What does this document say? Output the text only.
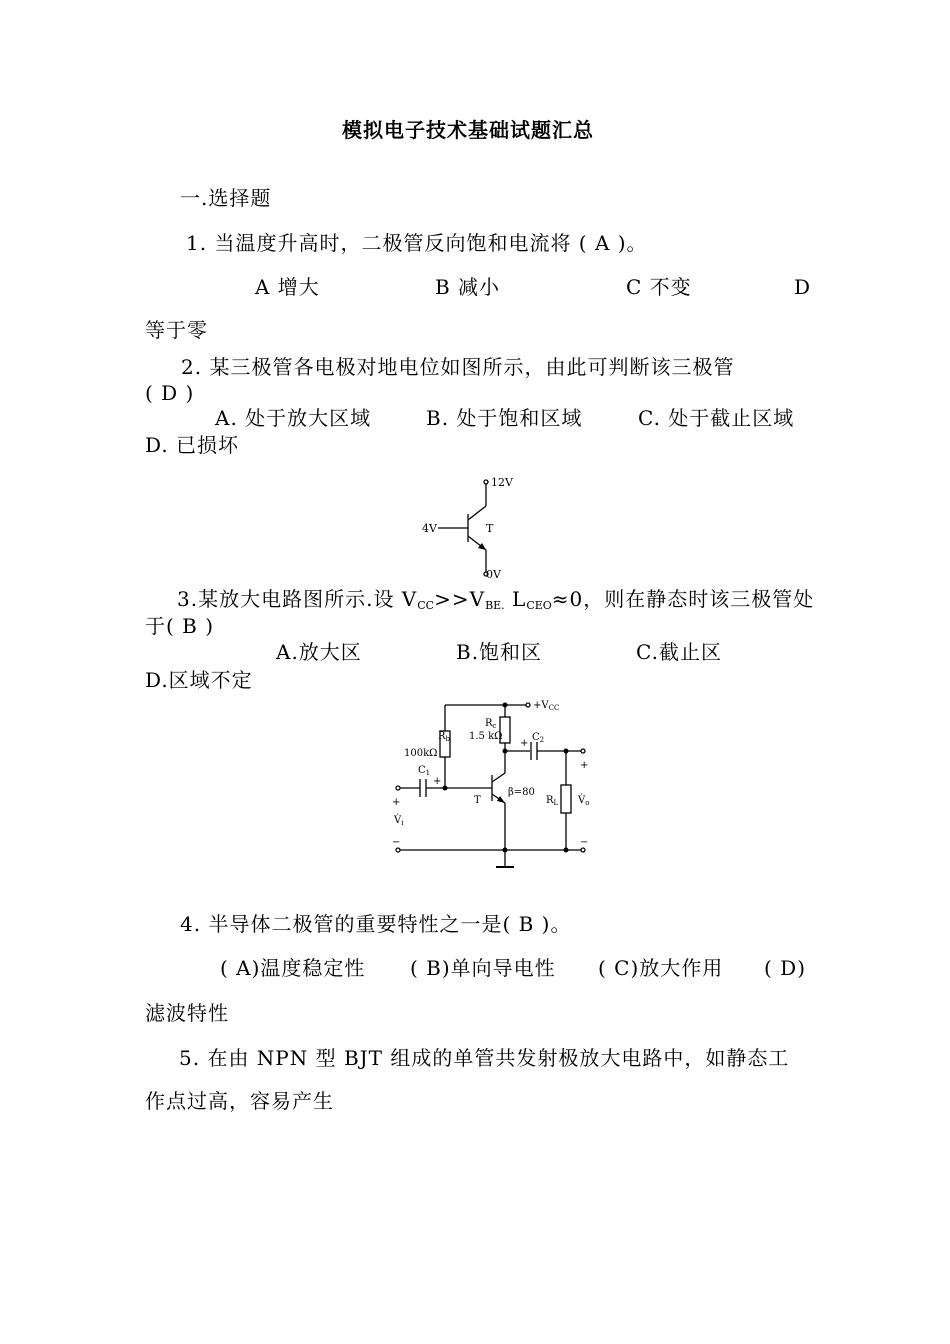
模拟电子技术基础试题汇总
一.选择题
1. 当温度升高时，二极管反向饱和电流将 ( A )。
A 增大	B 减小	C 不变	D
等于零
2. 某三极管各电极对地电位如图所示，由此可判断该三极管
( D )
A. 处于放大区域	B. 处于饱和区域	C. 处于截止区域
D. 已损坏
12V
4V	T
0V
3.某放大电路图所示.设 $V_{CC}>>V_{BE.}$ $L_{CEO}\approx 0$，则在静态时该三极管处
于( B )
A.放大区	B.饱和区	C.截止区
D.区域不定
$+V_{CC}$
$R_b$
100kΩ
$R_c$
1.5 kΩ
$C_1$
$C_2$
+
+
T
β=80
$R_L$
+
$V̇_i$
−
+
$V̇_o$
−
4. 半导体二极管的重要特性之一是( B )。
( A)温度稳定性 ( B)单向导电性 ( C)放大作用 ( D)
滤波特性
5. 在由 NPN 型 BJT 组成的单管共发射极放大电路中，如静态工
作点过高，容易产生
